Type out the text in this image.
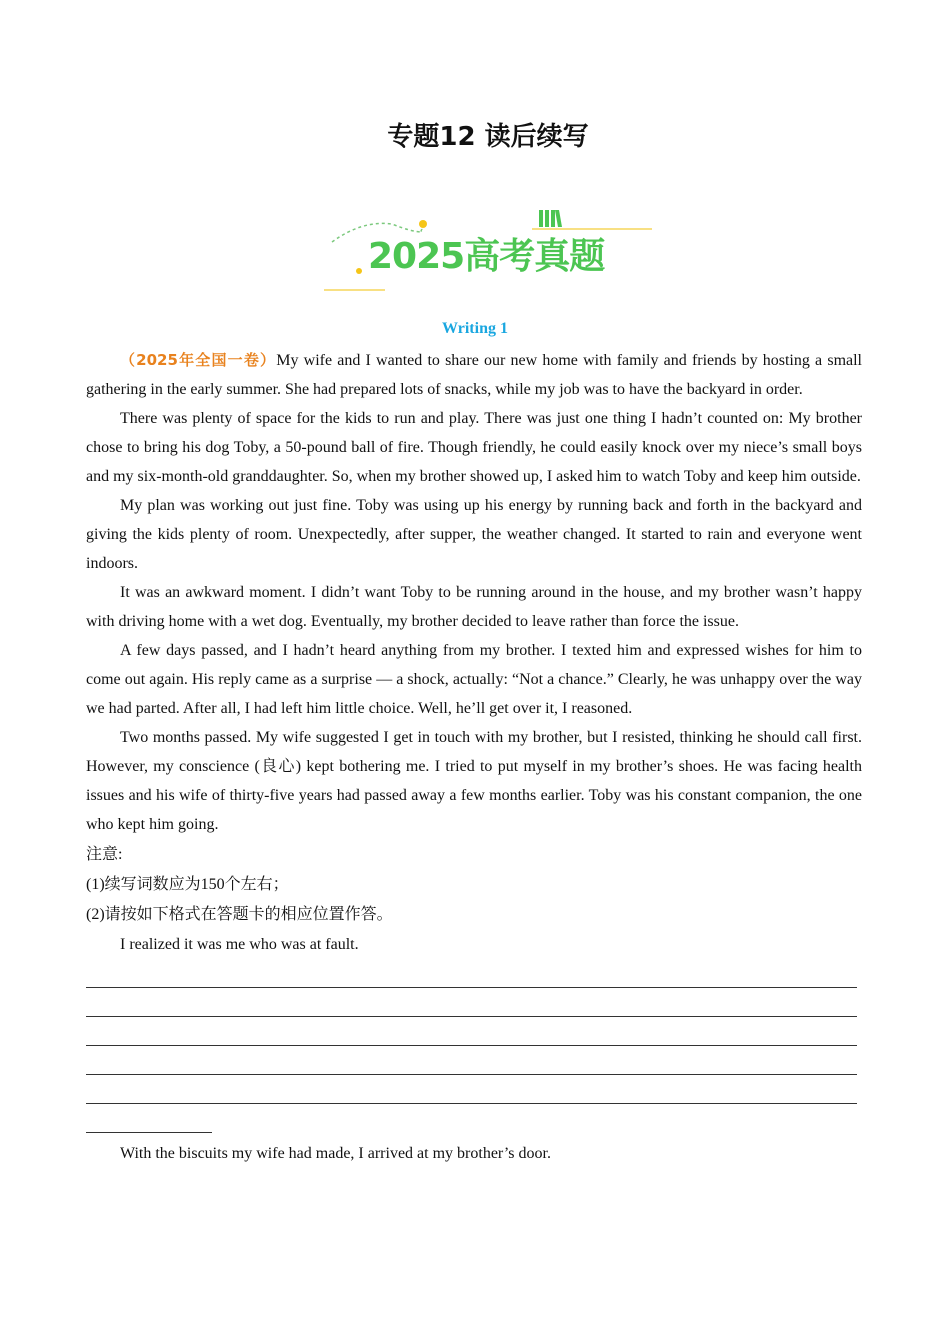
专题12 读后续写
2025高考真题
Writing 1

（2025年全国一卷）My wife and I wanted to share our new home with family and friends by hosting a small gathering in the early summer. She had prepared lots of snacks, while my job was to have the backyard in order.

There was plenty of space for the kids to run and play. There was just one thing I hadn’t counted on: My brother chose to bring his dog Toby, a 50-pound ball of fire. Though friendly, he could easily knock over my niece’s small boys and my six-month-old granddaughter. So, when my brother showed up, I asked him to watch Toby and keep him outside.

My plan was working out just fine. Toby was using up his energy by running back and forth in the backyard and giving the kids plenty of room. Unexpectedly, after supper, the weather changed. It started to rain and everyone went indoors.

It was an awkward moment. I didn’t want Toby to be running around in the house, and my brother wasn’t happy with driving home with a wet dog. Eventually, my brother decided to leave rather than force the issue.

A few days passed, and I hadn’t heard anything from my brother. I texted him and expressed wishes for him to come out again. His reply came as a surprise — a shock, actually: “Not a chance.” Clearly, he was unhappy over the way we had parted. After all, I had left him little choice. Well, he’ll get over it, I reasoned.

Two months passed. My wife suggested I get in touch with my brother, but I resisted, thinking he should call first. However, my conscience (良心) kept bothering me. I tried to put myself in my brother’s shoes. He was facing health issues and his wife of thirty-five years had passed away a few months earlier. Toby was his constant companion, the one who kept him going.

注意:

(1)续写词数应为150个左右；

(2)请按如下格式在答题卡的相应位置作答。

I realized it was me who was at fault.

With the biscuits my wife had made, I arrived at my brother’s door.
